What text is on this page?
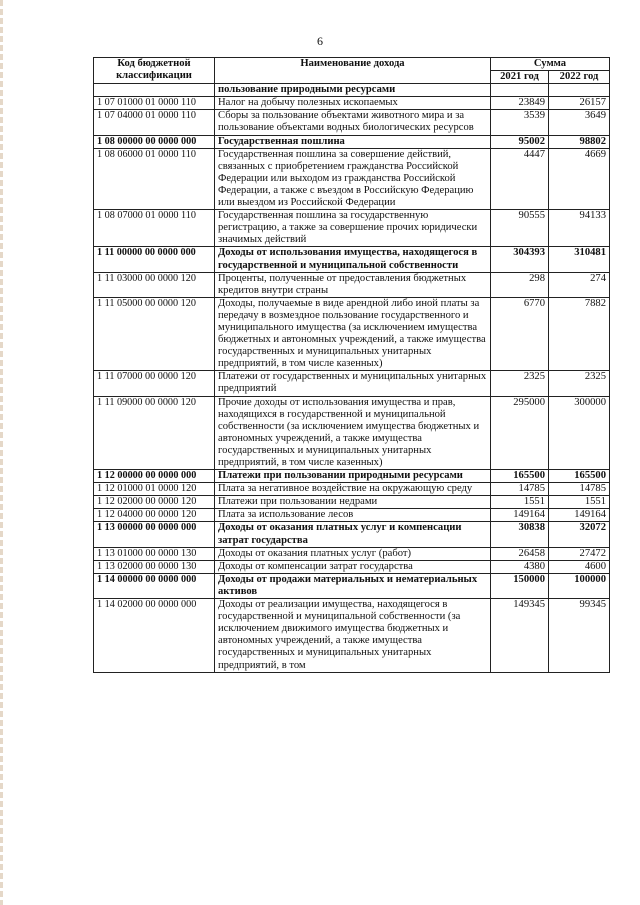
6
Код бюджетной классификации	Наименование дохода	Сумма	
		2021 год	2022 год
	пользование природными ресурсами		
1 07 01000 01 0000 110	Налог на добычу полезных ископаемых	23849	26157
1 07 04000 01 0000 110	Сборы за пользование объектами животного мира и за пользование объектами водных биологических ресурсов	3539	3649
1 08 00000 00 0000 000	Государственная пошлина	95002	98802
1 08 06000 01 0000 110	Государственная пошлина за совершение действий, связанных с приобретением гражданства Российской Федерации или выходом из гражданства Российской Федерации, а также с въездом в Российскую Федерацию или выездом из Российской Федерации	4447	4669
1 08 07000 01 0000 110	Государственная пошлина за государственную регистрацию, а также за совершение прочих юридически значимых действий	90555	94133
1 11 00000 00 0000 000	Доходы от использования имущества, находящегося в государственной и муниципальной собственности	304393	310481
1 11 03000 00 0000 120	Проценты, полученные от предоставления бюджетных кредитов внутри страны	298	274
1 11 05000 00 0000 120	Доходы, получаемые в виде арендной либо иной платы за передачу в возмездное пользование государственного и муниципального имущества (за исключением имущества бюджетных и автономных учреждений, а также имущества государственных и муниципальных унитарных предприятий, в том числе казенных)	6770	7882
1 11 07000 00 0000 120	Платежи от государственных и муниципальных унитарных предприятий	2325	2325
1 11 09000 00 0000 120	Прочие доходы от использования имущества и прав, находящихся в государственной и муниципальной собственности (за исключением имущества бюджетных и автономных учреждений, а также имущества государственных и муниципальных унитарных предприятий, в том числе казенных)	295000	300000
1 12 00000 00 0000 000	Платежи при пользовании природными ресурсами	165500	165500
1 12 01000 01 0000 120	Плата за негативное воздействие на окружающую среду	14785	14785
1 12 02000 00 0000 120	Платежи при пользовании недрами	1551	1551
1 12 04000 00 0000 120	Плата за использование лесов	149164	149164
1 13 00000 00 0000 000	Доходы от оказания платных услуг и компенсации затрат государства	30838	32072
1 13 01000 00 0000 130	Доходы от оказания платных услуг (работ)	26458	27472
1 13 02000 00 0000 130	Доходы от компенсации затрат государства	4380	4600
1 14 00000 00 0000 000	Доходы от продажи материальных и нематериальных активов	150000	100000
1 14 02000 00 0000 000	Доходы от реализации имущества, находящегося в государственной и муниципальной собственности (за исключением движимого имущества бюджетных и автономных учреждений, а также имущества государственных и муниципальных унитарных предприятий, в том	149345	99345
